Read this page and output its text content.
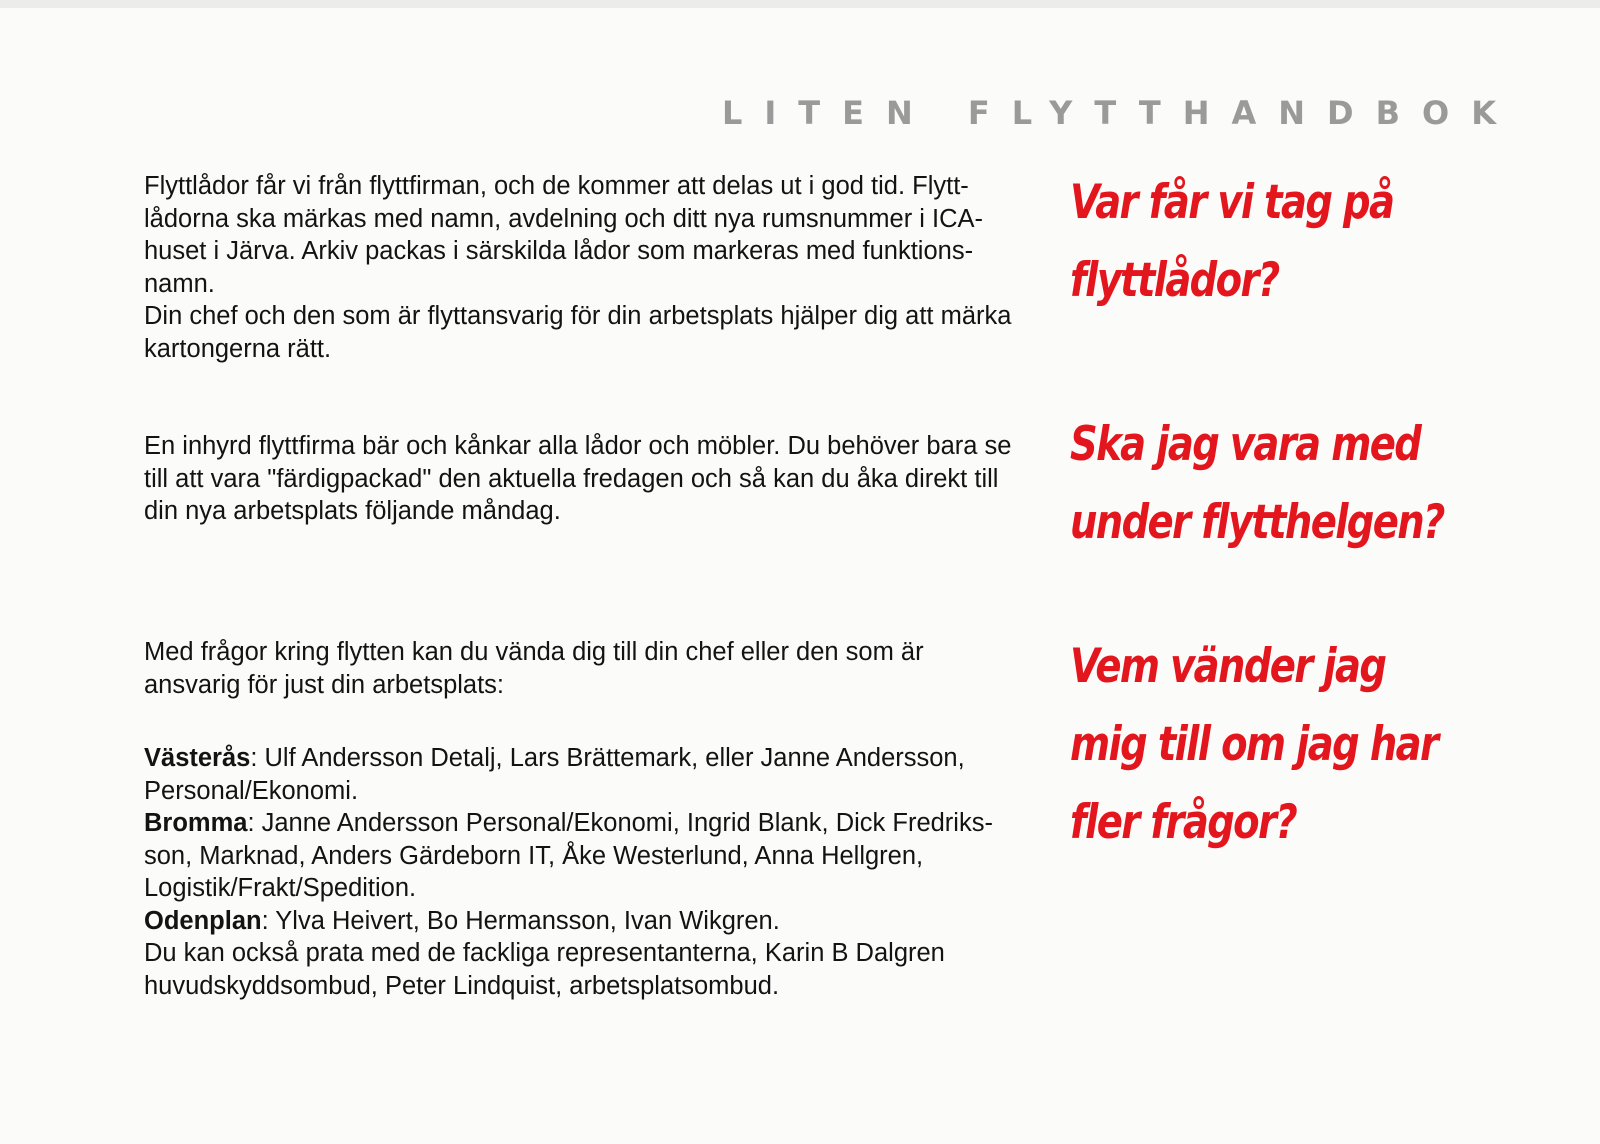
LITEN FLYTTHANDBOK

Flyttlådor får vi från flyttfirman, och de kommer att delas ut i god tid. Flytt-lådorna ska märkas med namn, avdelning och ditt nya rumsnummer i ICA-huset i Järva. Arkiv packas i särskilda lådor som markeras med funktions-namn.

Din chef och den som är flyttansvarig för din arbetsplats hjälper dig att märka kartongerna rätt.

En inhyrd flyttfirma bär och kånkar alla lådor och möbler. Du behöver bara se till att vara "färdigpackad" den aktuella fredagen och så kan du åka direkt till din nya arbetsplats följande måndag.

Med frågor kring flytten kan du vända dig till din chef eller den som är ansvarig för just din arbetsplats:

Västerås: Ulf Andersson Detalj, Lars Brättemark, eller Janne Andersson, Personal/Ekonomi.

Bromma: Janne Andersson Personal/Ekonomi, Ingrid Blank, Dick Fredriks-son, Marknad, Anders Gärdeborn IT, Åke Westerlund, Anna Hellgren, Logistik/Frakt/Spedition.

Odenplan: Ylva Heivert, Bo Hermansson, Ivan Wikgren.

Du kan också prata med de fackliga representanterna, Karin B Dalgren huvudskyddsombud, Peter Lindquist, arbetsplatsombud.

Var får vi tag på
flyttlådor?
Ska jag vara med
under flytthelgen?
Vem vänder jag
mig till om jag har
fler frågor?
